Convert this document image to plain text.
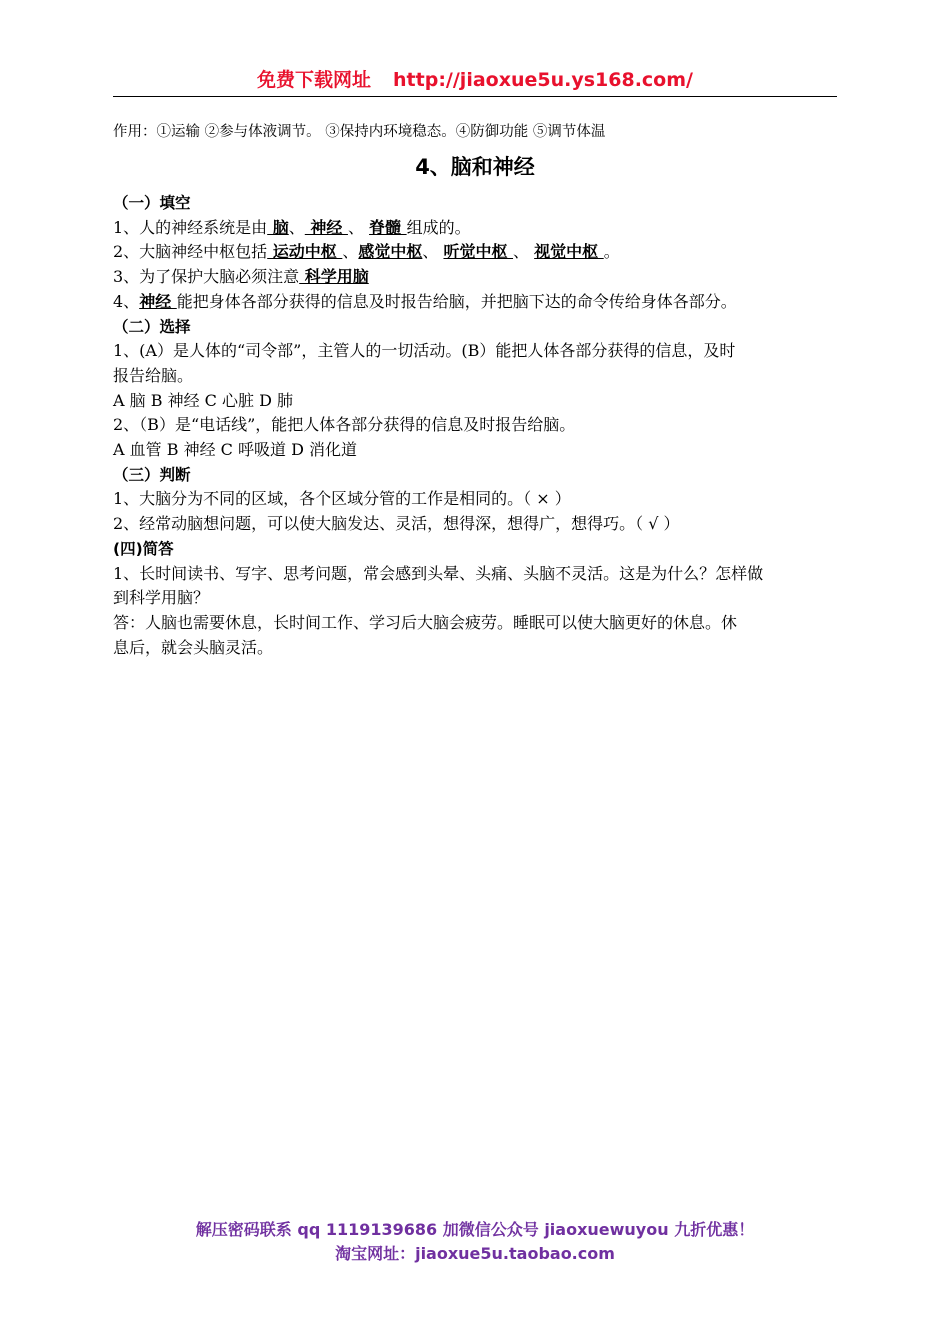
免费下载网址 http://jiaoxue5u.ys168.com/
作用：①运输 ②参与体液调节。 ③保持内环境稳态。④防御功能 ⑤调节体温
4、脑和神经
（一）填空
1、人的神经系统是由 脑、 神经 、 脊髓 组成的。
2、大脑神经中枢包括 运动中枢 、感觉中枢、 听觉中枢 、 视觉中枢 。
3、为了保护大脑必须注意 科学用脑
4、神经 能把身体各部分获得的信息及时报告给脑，并把脑下达的命令传给身体各部分。
（二）选择
1、(A）是人体的“司令部”，主管人的一切活动。(B）能把人体各部分获得的信息，及时
报告给脑。
A 脑 B 神经 C 心脏 D 肺
2、（B）是“电话线”，能把人体各部分获得的信息及时报告给脑。
A 血管 B 神经 C 呼吸道 D 消化道
（三）判断
1、大脑分为不同的区域，各个区域分管的工作是相同的。（ × ）
2、经常动脑想问题，可以使大脑发达、灵活，想得深，想得广，想得巧。（ √ ）
(四)简答
1、长时间读书、写字、思考问题，常会感到头晕、头痛、头脑不灵活。这是为什么？怎样做
到科学用脑？
答：人脑也需要休息，长时间工作、学习后大脑会疲劳。睡眠可以使大脑更好的休息。休
息后，就会头脑灵活。
解压密码联系 qq 1119139686 加微信公众号 jiaoxuewuyou 九折优惠！
淘宝网址：jiaoxue5u.taobao.com
